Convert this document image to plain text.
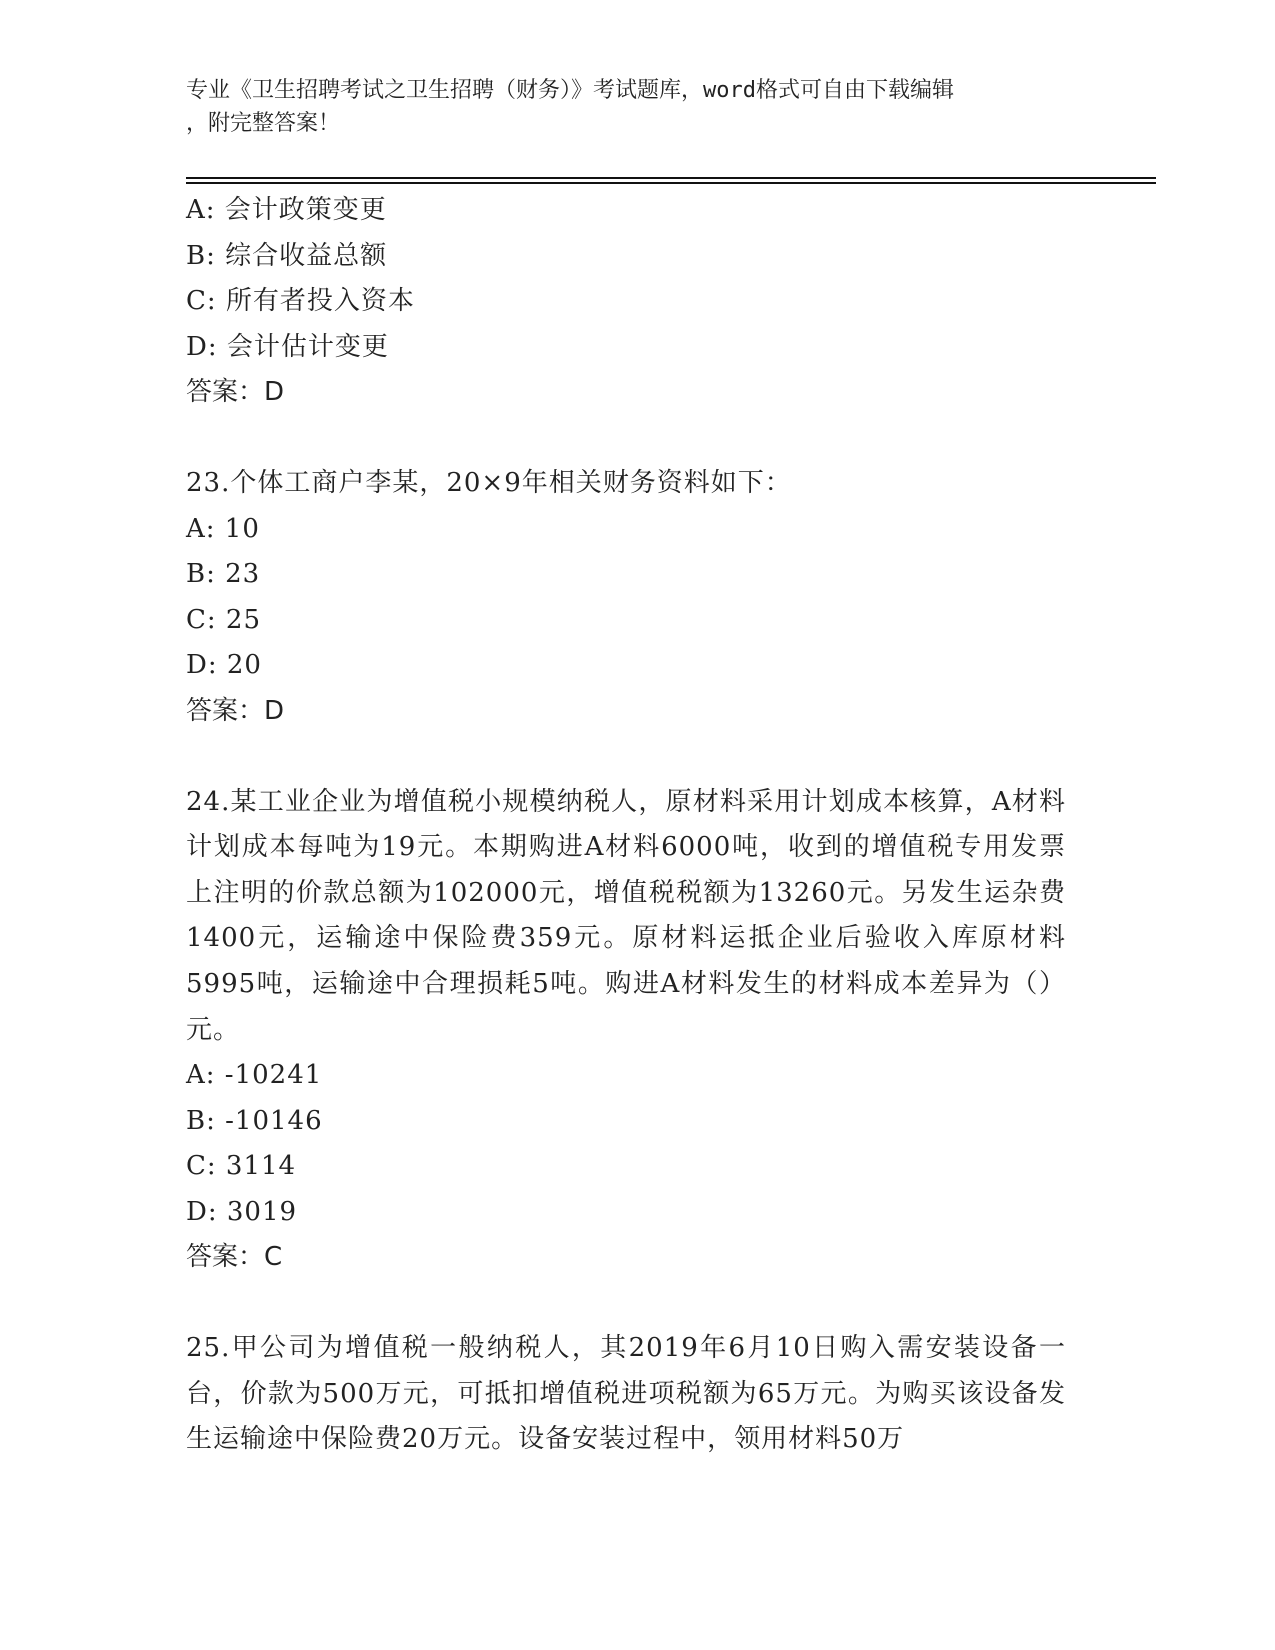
专业《卫生招聘考试之卫生招聘（财务）》考试题库，word格式可自由下载编辑
，附完整答案！

A: 会计政策变更

B: 综合收益总额

C: 所有者投入资本

D: 会计估计变更

答案：D

23.个体工商户李某，20×9年相关财务资料如下：

A: 10

B: 23

C: 25

D: 20

答案：D

24.某工业企业为增值税小规模纳税人，原材料采用计划成本核算，A材料计划成本每吨为19元。本期购进A材料6000吨，收到的增值税专用发票上注明的价款总额为102000元，增值税税额为13260元。另发生运杂费1400元，运输途中保险费359元。原材料运抵企业后验收入库原材料5995吨，运输途中合理损耗5吨。购进A材料发生的材料成本差异为（）元。

A: -10241

B: -10146

C: 3114

D: 3019

答案：C

25.甲公司为增值税一般纳税人，其2019年6月10日购入需安装设备一台，价款为500万元，可抵扣增值税进项税额为65万元。为购买该设备发生运输途中保险费20万元。设备安装过程中，领用材料50万
